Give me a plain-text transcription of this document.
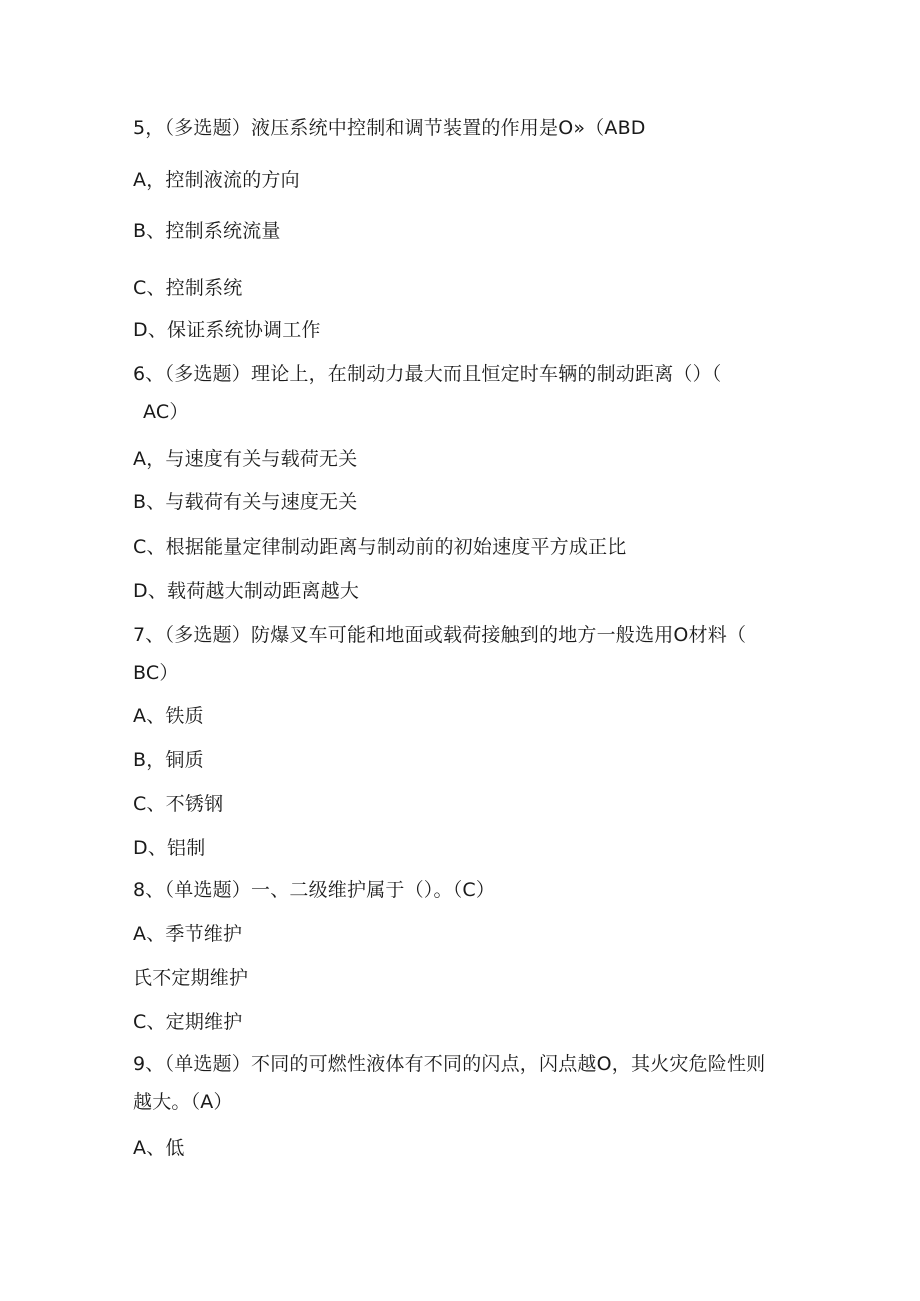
5，（多选题）液压系统中控制和调节装置的作用是O»（ABD
A，控制液流的方向
B、控制系统流量
C、控制系统
D、保证系统协调工作
6、（多选题）理论上，在制动力最大而且恒定时车辆的制动距离（）（
AC）
A，与速度有关与载荷无关
B、与载荷有关与速度无关
C、根据能量定律制动距离与制动前的初始速度平方成正比
D、载荷越大制动距离越大
7、（多选题）防爆叉车可能和地面或载荷接触到的地方一般选用O材料（
BC）
A、铁质
B，铜质
C、不锈钢
D、铝制
8、（单选题）一、二级维护属于（）。（C）
A、季节维护
氏不定期维护
C、定期维护
9、（单选题）不同的可燃性液体有不同的闪点，闪点越O，其火灾危险性则
越大。（A）
A、低
